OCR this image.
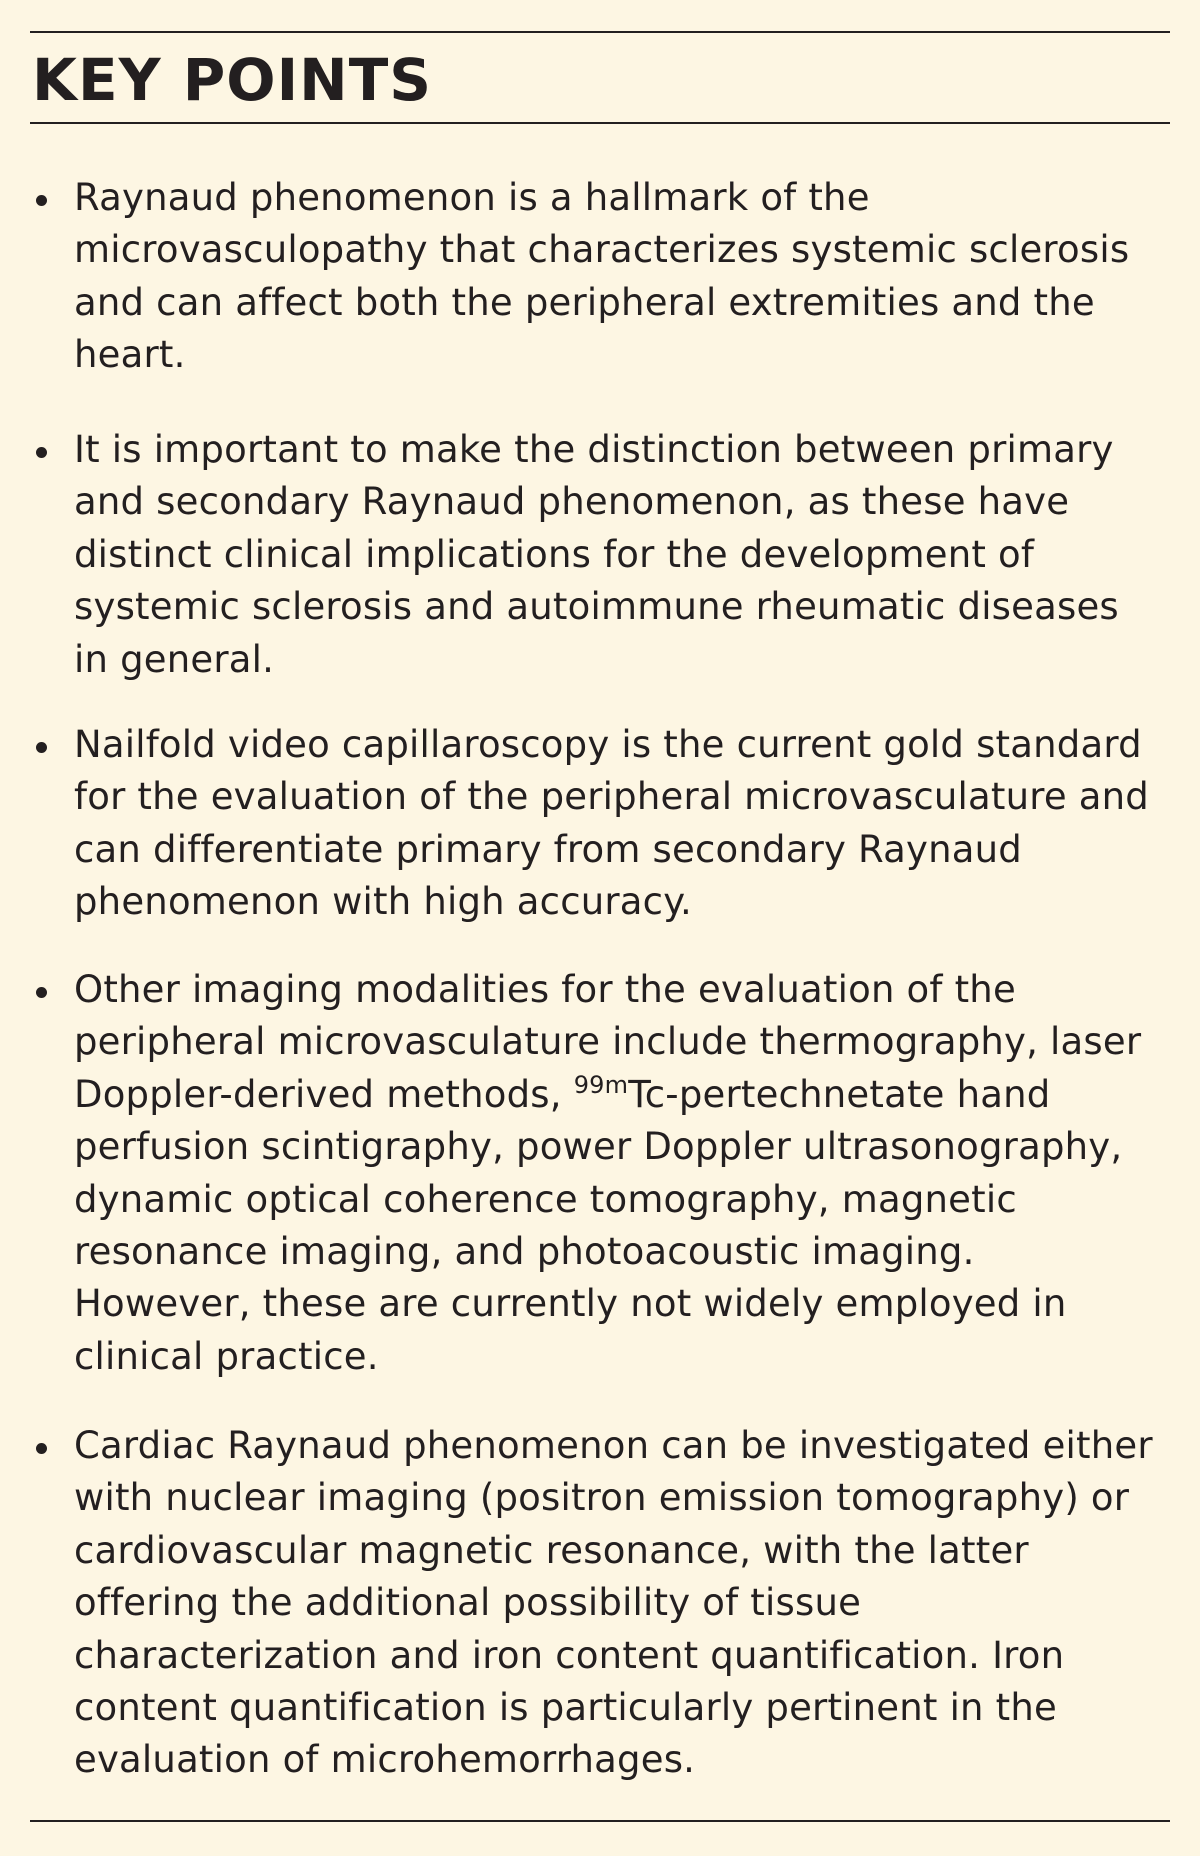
KEY POINTS
Raynaud phenomenon is a hallmark of the microvasculopathy that characterizes systemic sclerosis and can affect both the peripheral extremities and the heart.
It is important to make the distinction between primary and secondary Raynaud phenomenon, as these have distinct clinical implications for the development of systemic sclerosis and autoimmune rheumatic diseases in general.
Nailfold video capillaroscopy is the current gold standard for the evaluation of the peripheral microvasculature and can differentiate primary from secondary Raynaud phenomenon with high accuracy.
Other imaging modalities for the evaluation of the peripheral microvasculature include thermography, laser Doppler-derived methods, $^{99m}$Tc-pertechnetate hand perfusion scintigraphy, power Doppler ultrasonography, dynamic optical coherence tomography, magnetic resonance imaging, and photoacoustic imaging. However, these are currently not widely employed in clinical practice.
Cardiac Raynaud phenomenon can be investigated either with nuclear imaging (positron emission tomography) or cardiovascular magnetic resonance, with the latter offering the additional possibility of tissue characterization and iron content quantification. Iron content quantification is particularly pertinent in the evaluation of microhemorrhages.
